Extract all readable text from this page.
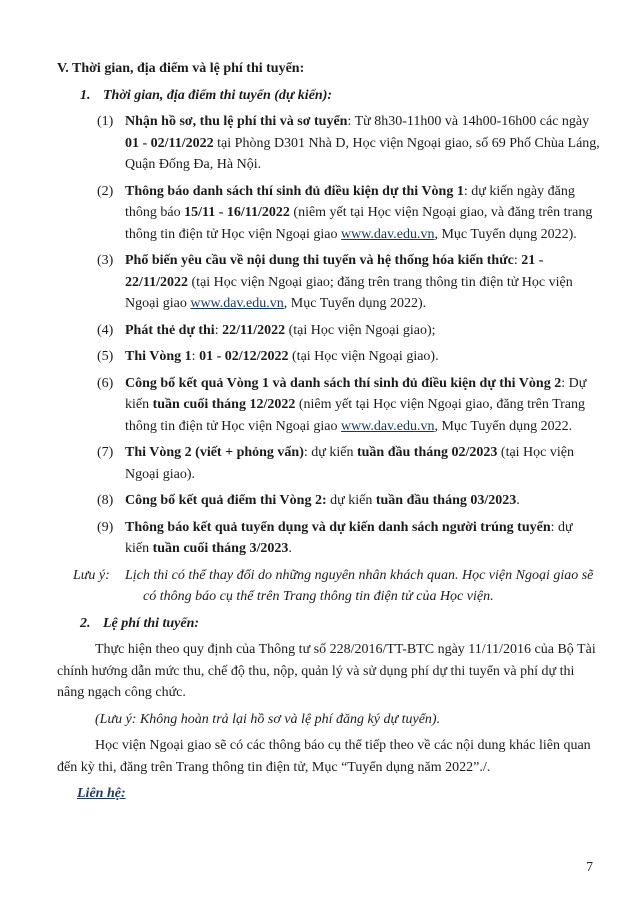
V. Thời gian, địa điểm và lệ phí thi tuyển:
1. Thời gian, địa điểm thi tuyển (dự kiến):
(1) Nhận hồ sơ, thu lệ phí thi và sơ tuyển: Từ 8h30-11h00 và 14h00-16h00 các ngày 01 - 02/11/2022 tại Phòng D301 Nhà D, Học viện Ngoại giao, số 69 Phố Chùa Láng, Quận Đống Đa, Hà Nội.
(2) Thông báo danh sách thí sinh đủ điều kiện dự thi Vòng 1: dự kiến ngày đăng thông báo 15/11 - 16/11/2022 (niêm yết tại Học viện Ngoại giao, và đăng trên trang thông tin điện tử Học viện Ngoại giao www.dav.edu.vn, Mục Tuyển dụng 2022).
(3) Phổ biến yêu cầu về nội dung thi tuyển và hệ thống hóa kiến thức: 21 - 22/11/2022 (tại Học viện Ngoại giao; đăng trên trang thông tin điện tử Học viện Ngoại giao www.dav.edu.vn, Mục Tuyển dụng 2022).
(4) Phát thẻ dự thi: 22/11/2022 (tại Học viện Ngoại giao);
(5) Thi Vòng 1: 01 - 02/12/2022 (tại Học viện Ngoại giao).
(6) Công bố kết quả Vòng 1 và danh sách thí sinh đủ điều kiện dự thi Vòng 2: Dự kiến tuần cuối tháng 12/2022 (niêm yết tại Học viện Ngoại giao, đăng trên Trang thông tin điện tử Học viện Ngoại giao www.dav.edu.vn, Mục Tuyển dụng 2022.
(7) Thi Vòng 2 (viết + phỏng vấn): dự kiến tuần đầu tháng 02/2023 (tại Học viện Ngoại giao).
(8) Công bố kết quả điểm thi Vòng 2: dự kiến tuần đầu tháng 03/2023.
(9) Thông báo kết quả tuyển dụng và dự kiến danh sách người trúng tuyển: dự kiến tuần cuối tháng 3/2023.
Lưu ý: Lịch thi có thể thay đổi do những nguyên nhân khách quan. Học viện Ngoại giao sẽ có thông báo cụ thể trên Trang thông tin điện tử của Học viện.
2. Lệ phí thi tuyển:
Thực hiện theo quy định của Thông tư số 228/2016/TT-BTC ngày 11/11/2016 của Bộ Tài chính hướng dẫn mức thu, chế độ thu, nộp, quản lý và sử dụng phí dự thi tuyển và phí dự thi nâng ngạch công chức.
(Lưu ý: Không hoàn trả lại hồ sơ và lệ phí đăng ký dự tuyển).
Học viện Ngoại giao sẽ có các thông báo cụ thể tiếp theo về các nội dung khác liên quan đến kỳ thi, đăng trên Trang thông tin điện tử, Mục “Tuyển dụng năm 2022”./.
Liên hệ:
7
